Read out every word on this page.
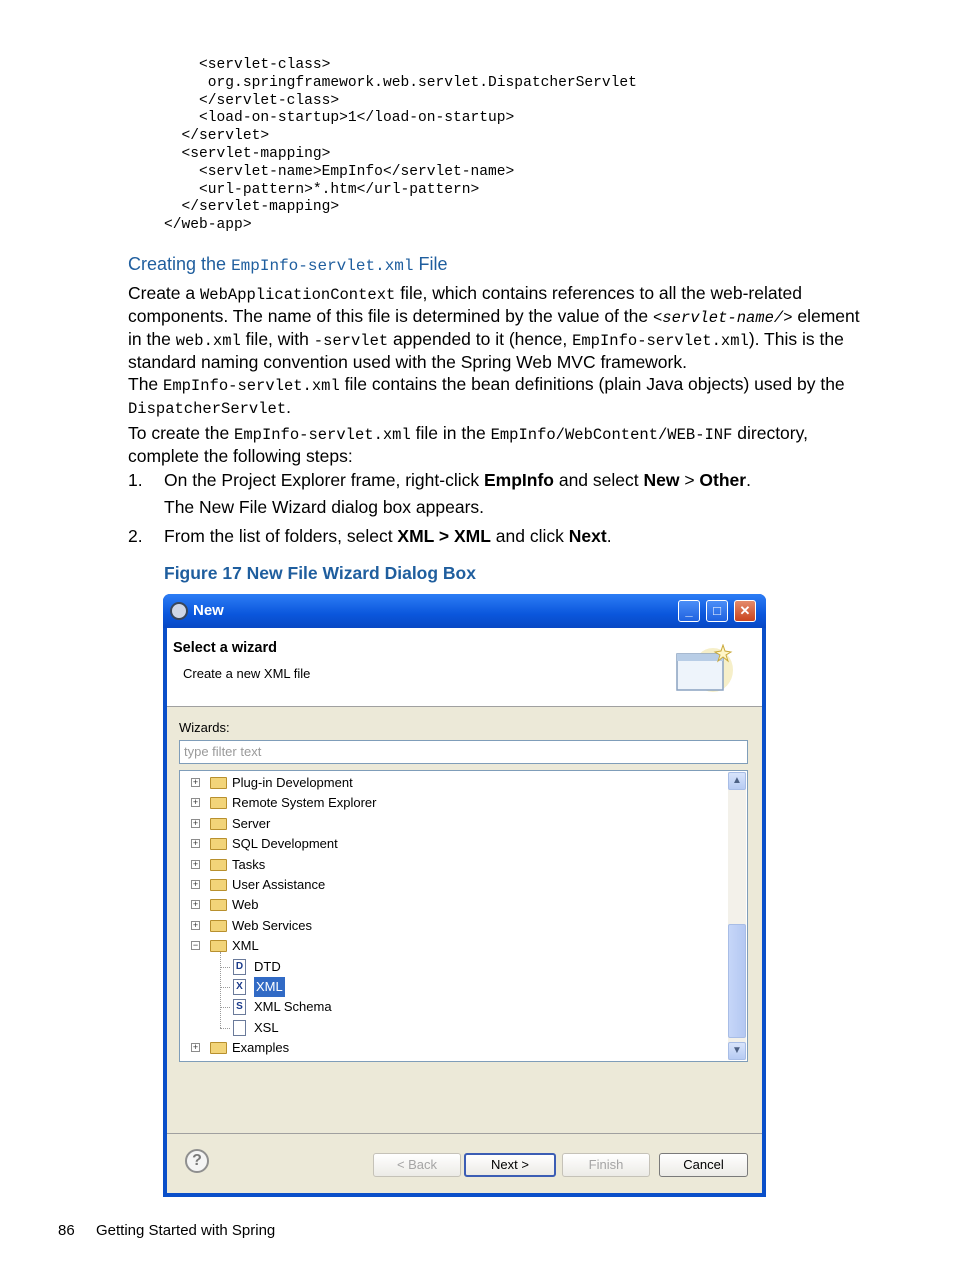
<servlet-class>
org.springframework.web.servlet.DispatcherServlet
</servlet-class>
<load-on-startup>1</load-on-startup>
</servlet>
<servlet-mapping>
<servlet-name>EmpInfo</servlet-name>
<url-pattern>*.htm</url-pattern>
</servlet-mapping>
</web-app>
Creating the EmpInfo-servlet.xml File
Create a WebApplicationContext file, which contains references to all the web-related components. The name of this file is determined by the value of the <servlet-name/> element in the web.xml file, with -servlet appended to it (hence, EmpInfo-servlet.xml). This is the standard naming convention used with the Spring Web MVC framework.
The EmpInfo-servlet.xml file contains the bean definitions (plain Java objects) used by the DispatcherServlet.
To create the EmpInfo-servlet.xml file in the EmpInfo/WebContent/WEB-INF directory, complete the following steps:
1. On the Project Explorer frame, right-click EmpInfo and select New > Other.
The New File Wizard dialog box appears.
2. From the list of folders, select XML > XML and click Next.
Figure 17 New File Wizard Dialog Box
New	_	□	✕
Select a wizard
Create a new XML file
Wizards:
type filter text
▲
▼
+	Plug-in Development
+	Remote System Explorer
+	Server
+	SQL Development
+	Tasks
+	User Assistance
+	Web
+	Web Services
−	XML
D DTD
X XML
S XML Schema
XSL
+	Examples
?	< Back	Next >	Finish	Cancel
86 Getting Started with Spring
